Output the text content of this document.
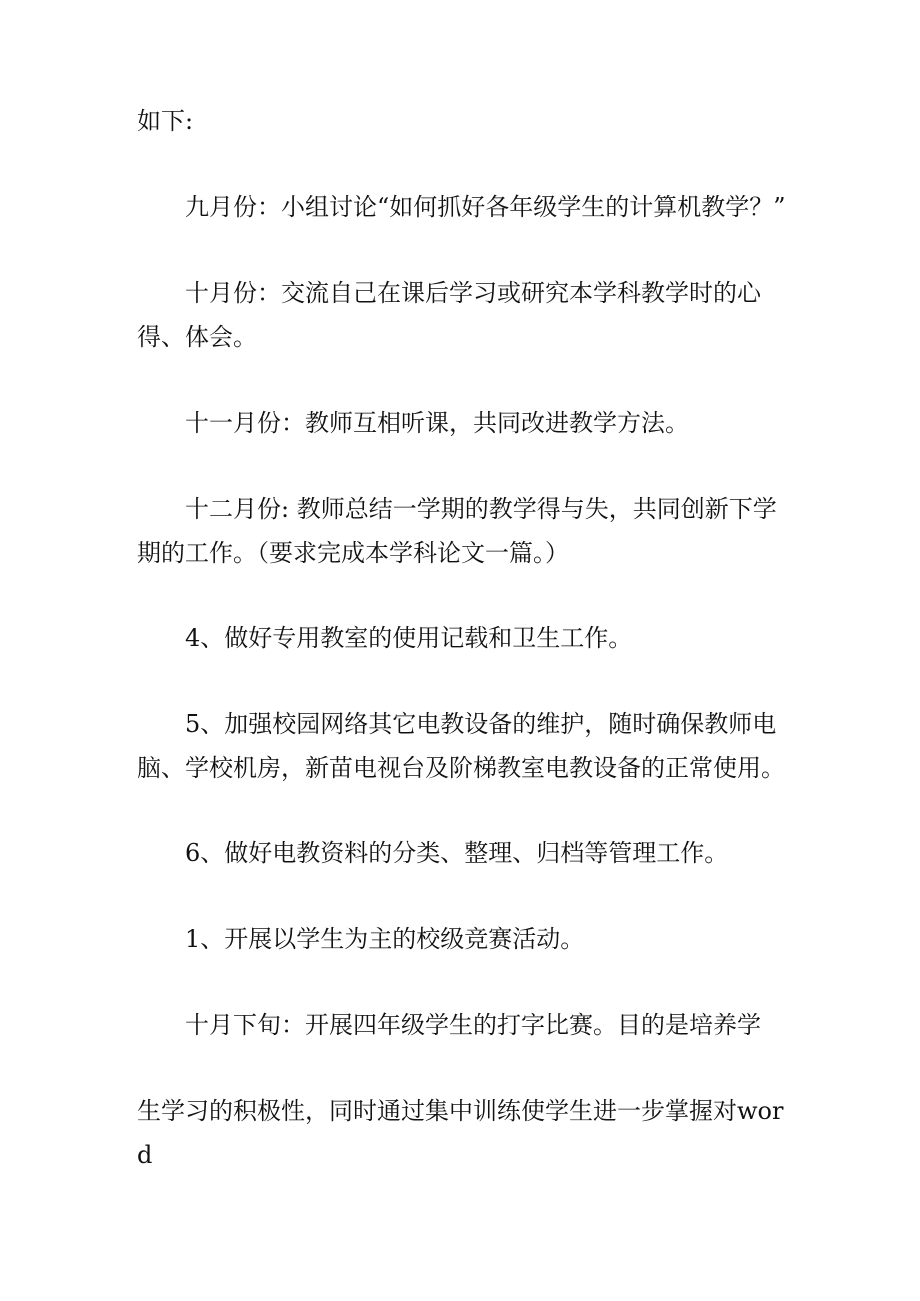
如下:

九月份：小组讨论“如何抓好各年级学生的计算机教学？”

十月份：交流自己在课后学习或研究本学科教学时的心得、体会。

十一月份：教师互相听课，共同改进教学方法。

十二月份: 教师总结一学期的教学得与失，共同创新下学期的工作。（要求完成本学科论文一篇。）

4、做好专用教室的使用记载和卫生工作。

5、加强校园网络其它电教设备的维护，随时确保教师电脑、学校机房，新苗电视台及阶梯教室电教设备的正常使用。

6、做好电教资料的分类、整理、归档等管理工作。

1、开展以学生为主的校级竞赛活动。

十月下旬：开展四年级学生的打字比赛。目的是培养学

生学习的积极性，同时通过集中训练使学生进一步掌握对word
